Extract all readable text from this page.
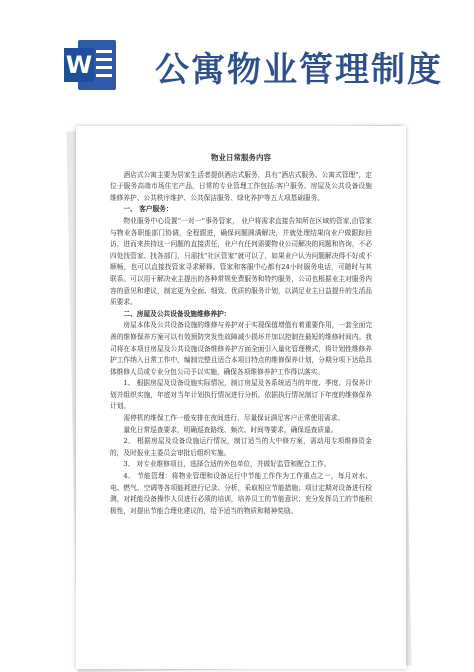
W 公寓物业管理制度
物业日常服务内容

酒店式公寓主要为居家生活者提供酒店式服务，具有“酒店式服务、公寓式管理”，定位于服务高端市场住宅产品，日常的专业管理工作包括:客户服务、房屋及公共设备设施维修养护、公共秩序维护、公共保洁服务、绿化养护等五大项基础服务。

一、 客户服务：

物业服务中心设置“一对一”事务管家， 业户将需求直接告知所在区域的管家,由管家与物业各职能部门协调，全程跟进，确保问题圆满解决，并就处理结果向业户做跟踪回访，进而来扶持这一问题的直接责任，业户有任何需要物业公司解决的问题和咨询，不必四处找管家、找各部门，只需找“社区管家”就可以了，如果业户认为问题解决得不好或不顺畅，也可以直接找管家寻求解释。管家和客服中心都有24小时服务电话，可随时与其联系。可以用于解决业主提出的各种常规免费服务和特约服务，公司也根据业主对服务内容的意见和建议，制定更为全面、细致、优质的服务计划，以满足业主日益提升的生活品质要求。

二、房屋及公共设备设施维修养护：

房屋本体及公共设备设施的维修与养护对于实现保值增值有着重要作用，一套全面完善的维修保养方案可以有效预防突发性故障减少损坏并加以控制在最短的维修时间内。我司将在本项目房屋及公共设施设备维修养护方面全面引入量化管理模式，将计划性维修养护工作纳入日常工作中，编制完整且适合本项目特点的维修保养计划，分期分项下达给具体维修人员或专业分包公司予以实施，确保各项维修养护工作得以落实。

1、 根据房屋及设备设施实际情况，制订房屋及各系统适当的年度、季度、月保养计划并组织实施，年底对当年计划执行情况进行分析，依据执行情况制订下年度的维修保养计划。

需停机的维保工作一般安排在夜间进行，尽量保证满足客户正常使用需求。

量化日常巡查要求，明确巡查路线、频次、时间等要求，确保巡查质量。

2、 根据房屋及设备设施运行情况，制订适当的大中修方案，需动用专项维修资金的，及时报业主委员会审批后组织实施。

3、 对专业维修项目，选择合适的外包单位，并做好监管和配合工作。

4、 节能管理：将物业管理和设备运行中节能工作作为工作重点之一，每月对水、电、燃气、空调等各项能耗进行记录、分析，采取相应节能措施；项目定期对设备进行检测，对耗能设备操作人员进行必须的培训，培养员工的节能意识；充分发挥员工的节能积极性，对提出节能合理化建议的，给予适当的物质和精神奖励。
